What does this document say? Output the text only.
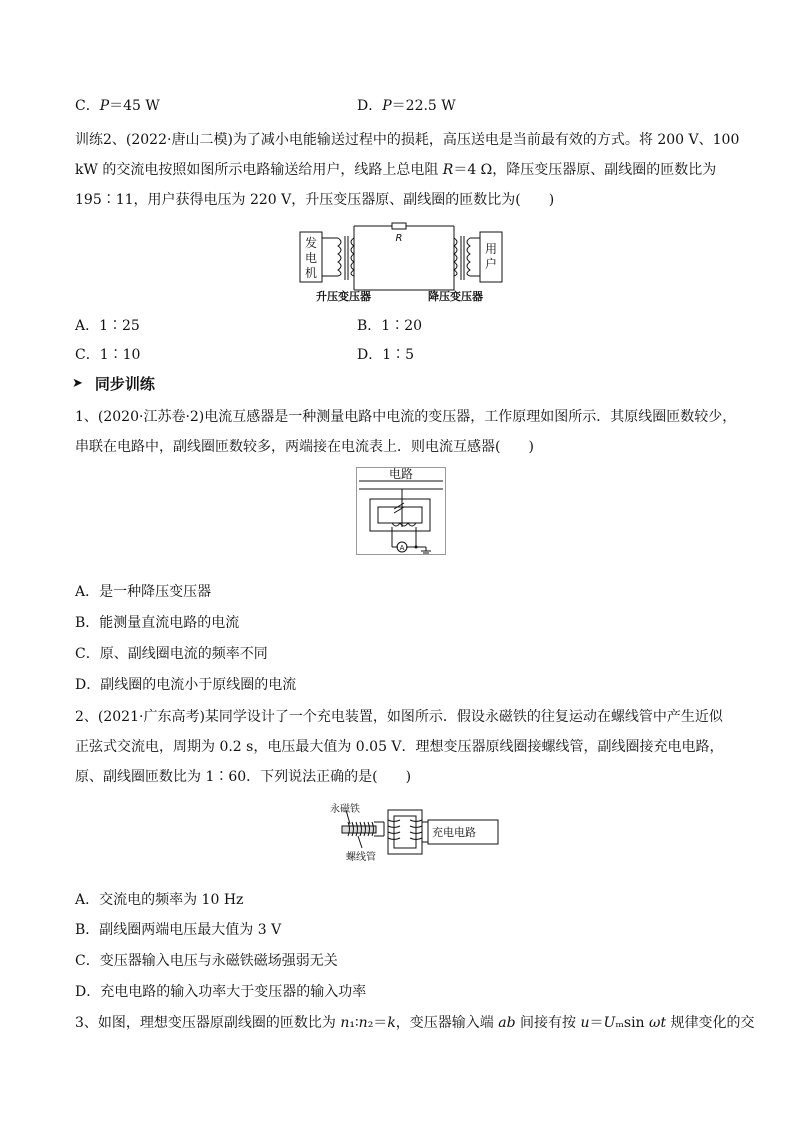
C．P＝45 W	D．P＝22.5 W
训练2、(2022·唐山二模)为了减小电能输送过程中的损耗，高压送电是当前最有效的方式。将 200 V、100
kW 的交流电按照如图所示电路输送给用户，线路上总电阻 R＝4 Ω，降压变压器原、副线圈的匝数比为
195∶11，用户获得电压为 220 V，升压变压器原、副线圈的匝数比为(　　)
发
电
机
用
户
R
升压变压器	降压变压器
A．1∶25	B．1∶20
C．1∶10	D．1∶5
➤ 同步训练
1、(2020·江苏卷·2)电流互感器是一种测量电路中电流的变压器，工作原理如图所示．其原线圈匝数较少，
串联在电路中，副线圈匝数较多，两端接在电流表上．则电流互感器(　　)
电路
A
A．是一种降压变压器
B．能测量直流电路的电流
C．原、副线圈电流的频率不同
D．副线圈的电流小于原线圈的电流
2、(2021·广东高考)某同学设计了一个充电装置，如图所示．假设永磁铁的往复运动在螺线管中产生近似
正弦式交流电，周期为 0.2 s，电压最大值为 0.05 V．理想变压器原线圈接螺线管，副线圈接充电电路，
原、副线圈匝数比为 1∶60．下列说法正确的是(　　)
永磁铁
螺线管
充电电路
A．交流电的频率为 10 Hz
B．副线圈两端电压最大值为 3 V
C．变压器输入电压与永磁铁磁场强弱无关
D．充电电路的输入功率大于变压器的输入功率
3、如图，理想变压器原副线圈的匝数比为 n₁∶n₂＝k，变压器输入端 ab 间接有按 u＝Uₘsin ωt 规律变化的交
